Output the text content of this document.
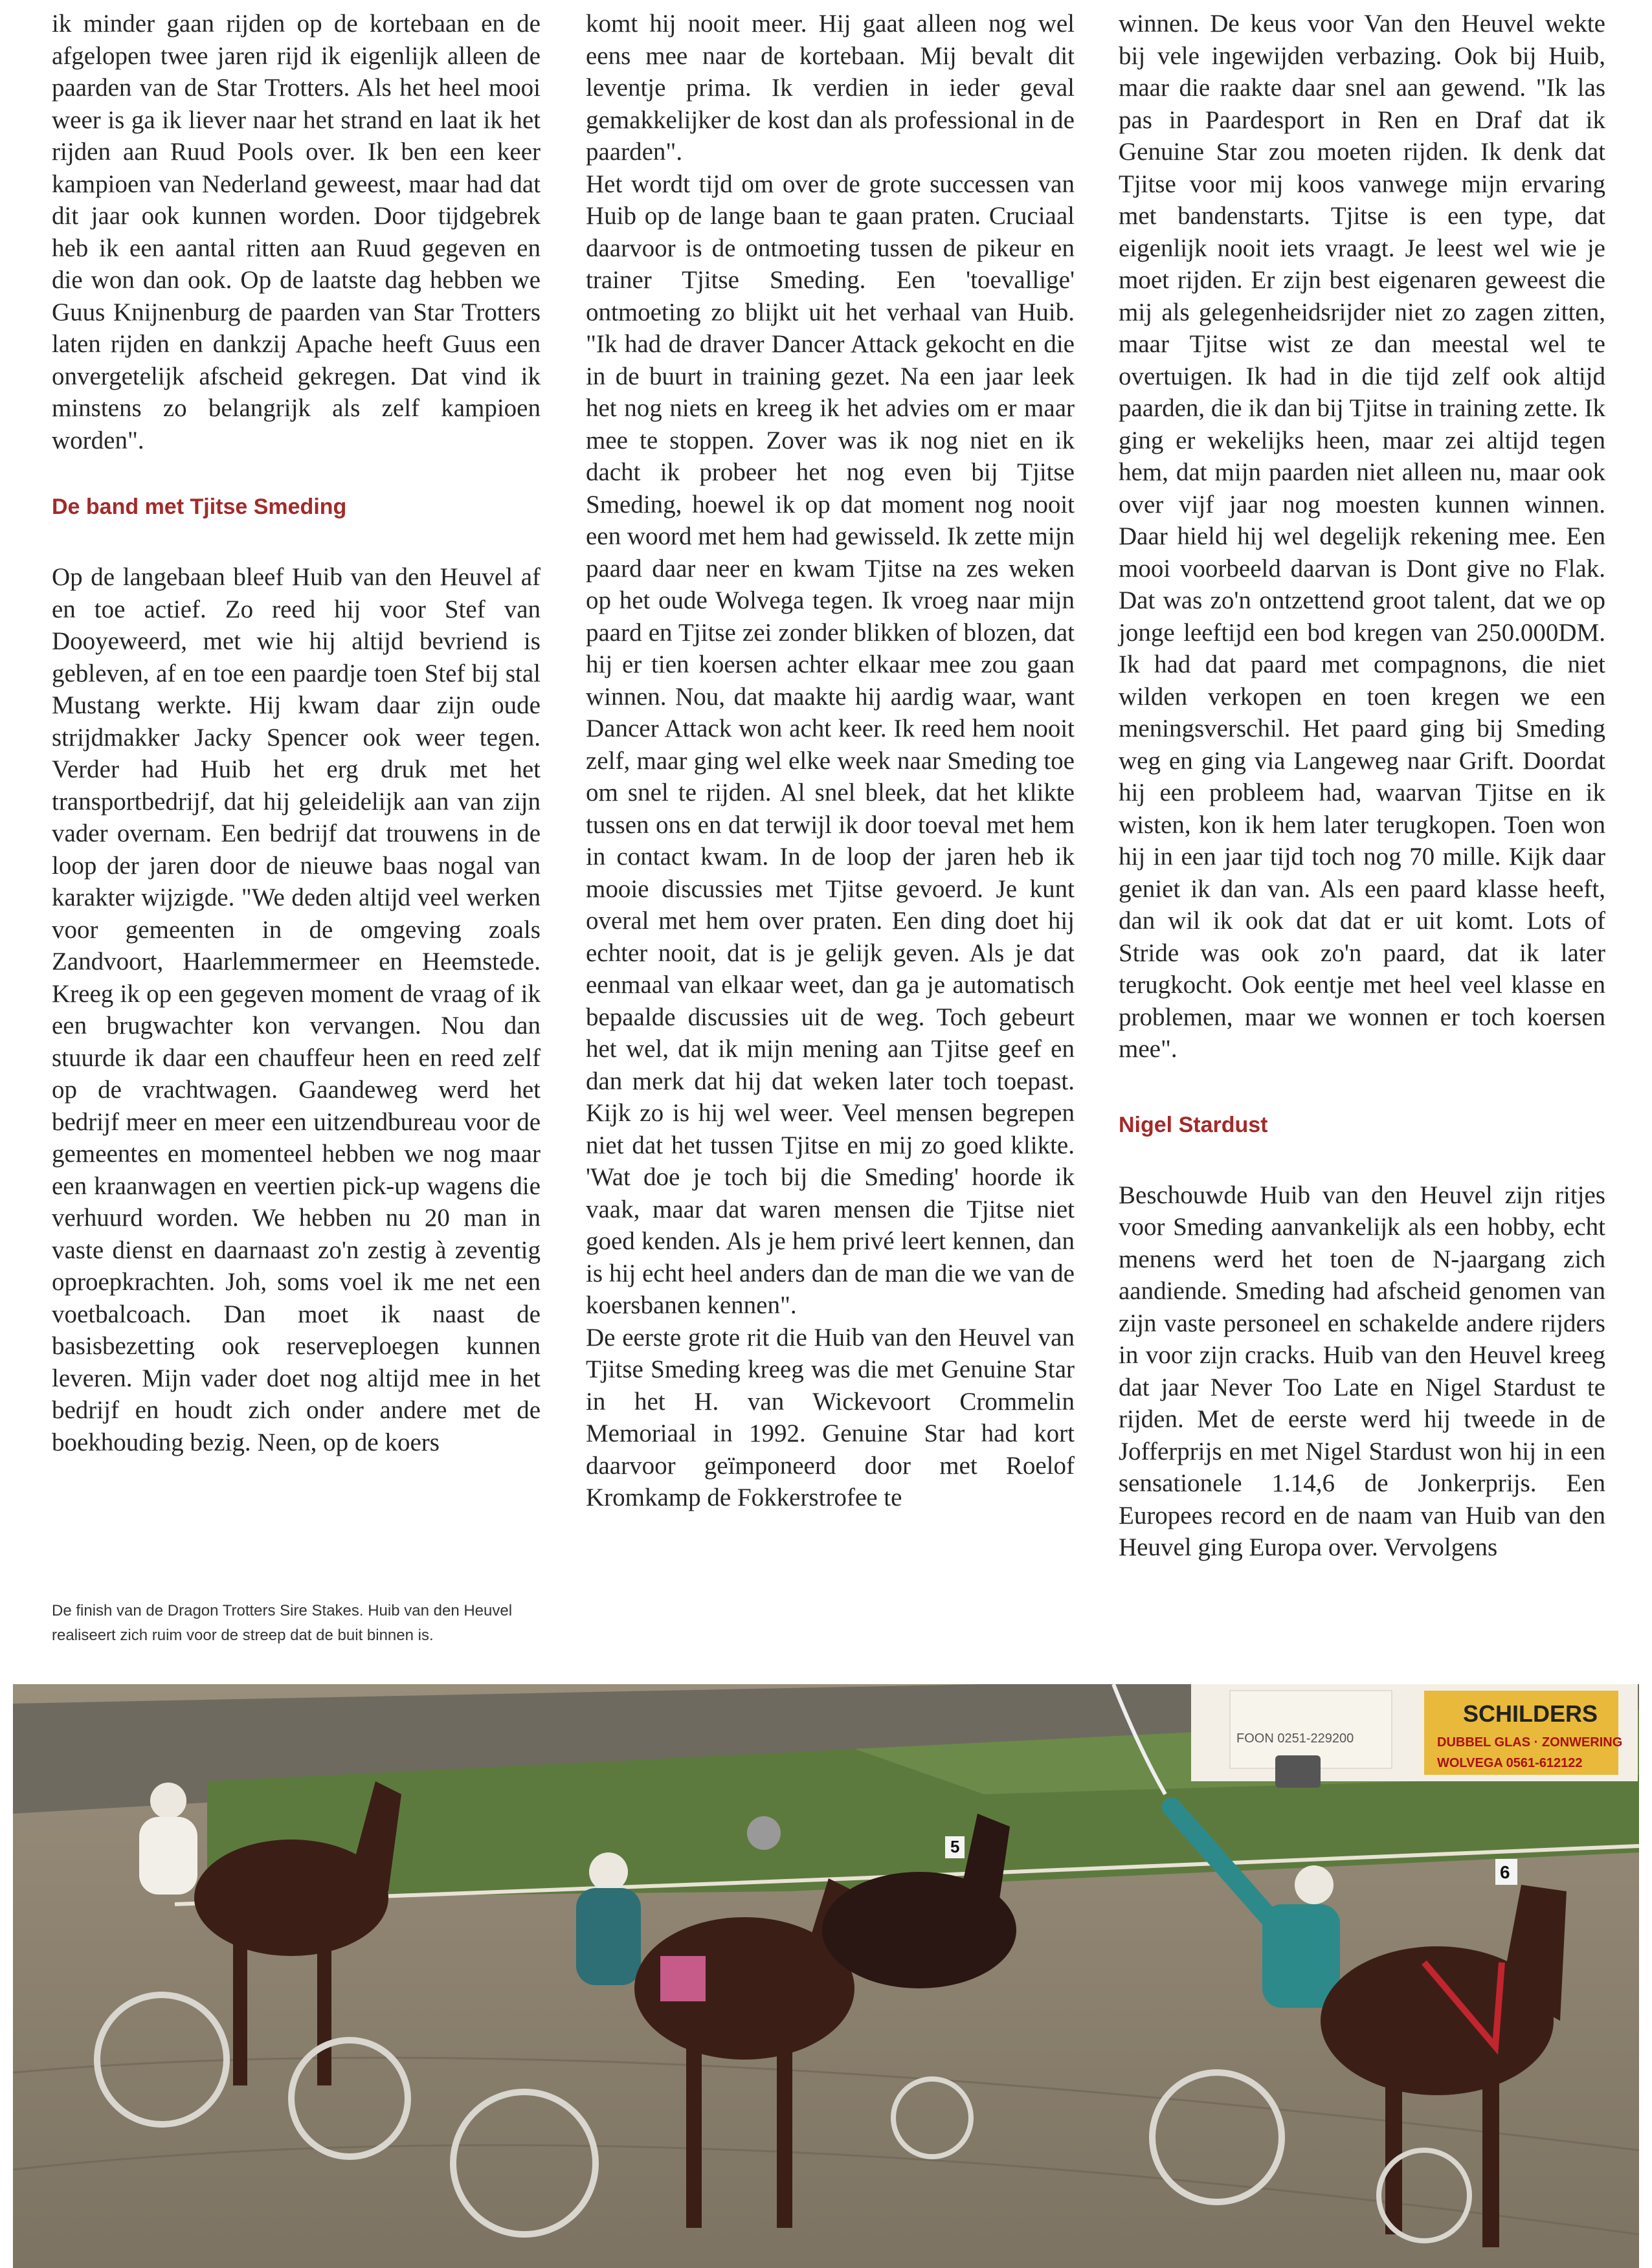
ik minder gaan rijden op de kortebaan en de afgelopen twee jaren rijd ik eigenlijk alleen de paarden van de Star Trotters. Als het heel mooi weer is ga ik liever naar het strand en laat ik het rijden aan Ruud Pools over. Ik ben een keer kampioen van Nederland geweest, maar had dat dit jaar ook kunnen worden. Door tijdgebrek heb ik een aantal ritten aan Ruud gegeven en die won dan ook. Op de laatste dag hebben we Guus Knijnenburg de paarden van Star Trotters laten rijden en dankzij Apache heeft Guus een onvergetelijk afscheid gekregen. Dat vind ik minstens zo belangrijk als zelf kampioen worden".

De band met Tjitse Smeding

Op de langebaan bleef Huib van den Heuvel af en toe actief. Zo reed hij voor Stef van Dooyeweerd, met wie hij altijd bevriend is gebleven, af en toe een paardje toen Stef bij stal Mustang werkte. Hij kwam daar zijn oude strijdmakker Jacky Spencer ook weer tegen. Verder had Huib het erg druk met het transportbedrijf, dat hij geleidelijk aan van zijn vader overnam. Een bedrijf dat trouwens in de loop der jaren door de nieuwe baas nogal van karakter wijzigde. "We deden altijd veel werken voor gemeenten in de omgeving zoals Zandvoort, Haarlemmermeer en Heemstede. Kreeg ik op een gegeven moment de vraag of ik een brugwachter kon vervangen. Nou dan stuurde ik daar een chauffeur heen en reed zelf op de vrachtwagen. Gaandeweg werd het bedrijf meer en meer een uitzendbureau voor de gemeentes en momenteel hebben we nog maar een kraanwagen en veertien pick-up wagens die verhuurd worden. We hebben nu 20 man in vaste dienst en daarnaast zo'n zestig à zeventig oproepkrachten. Joh, soms voel ik me net een voetbalcoach. Dan moet ik naast de basisbezetting ook reserveploegen kunnen leveren. Mijn vader doet nog altijd mee in het bedrijf en houdt zich onder andere met de boekhouding bezig. Neen, op de koers

komt hij nooit meer. Hij gaat alleen nog wel eens mee naar de kortebaan. Mij bevalt dit leventje prima. Ik verdien in ieder geval gemakkelijker de kost dan als professional in de paarden".

Het wordt tijd om over de grote successen van Huib op de lange baan te gaan praten. Cruciaal daarvoor is de ontmoeting tussen de pikeur en trainer Tjitse Smeding. Een 'toevallige' ontmoeting zo blijkt uit het verhaal van Huib. "Ik had de draver Dancer Attack gekocht en die in de buurt in training gezet. Na een jaar leek het nog niets en kreeg ik het advies om er maar mee te stoppen. Zover was ik nog niet en ik dacht ik probeer het nog even bij Tjitse Smeding, hoewel ik op dat moment nog nooit een woord met hem had gewisseld. Ik zette mijn paard daar neer en kwam Tjitse na zes weken op het oude Wolvega tegen. Ik vroeg naar mijn paard en Tjitse zei zonder blikken of blozen, dat hij er tien koersen achter elkaar mee zou gaan winnen. Nou, dat maakte hij aardig waar, want Dancer Attack won acht keer. Ik reed hem nooit zelf, maar ging wel elke week naar Smeding toe om snel te rijden. Al snel bleek, dat het klikte tussen ons en dat terwijl ik door toeval met hem in contact kwam. In de loop der jaren heb ik mooie discussies met Tjitse gevoerd. Je kunt overal met hem over praten. Een ding doet hij echter nooit, dat is je gelijk geven. Als je dat eenmaal van elkaar weet, dan ga je automatisch bepaalde discussies uit de weg. Toch gebeurt het wel, dat ik mijn mening aan Tjitse geef en dan merk dat hij dat weken later toch toepast. Kijk zo is hij wel weer. Veel mensen begrepen niet dat het tussen Tjitse en mij zo goed klikte. 'Wat doe je toch bij die Smeding' hoorde ik vaak, maar dat waren mensen die Tjitse niet goed kenden. Als je hem privé leert kennen, dan is hij echt heel anders dan de man die we van de koersbanen kennen".

De eerste grote rit die Huib van den Heuvel van Tjitse Smeding kreeg was die met Genuine Star in het H. van Wickevoort Crommelin Memoriaal in 1992. Genuine Star had kort daarvoor geïmponeerd door met Roelof Kromkamp de Fokkerstrofee te

winnen. De keus voor Van den Heuvel wekte bij vele ingewijden verbazing. Ook bij Huib, maar die raakte daar snel aan gewend. "Ik las pas in Paardesport in Ren en Draf dat ik Genuine Star zou moeten rijden. Ik denk dat Tjitse voor mij koos vanwege mijn ervaring met bandenstarts. Tjitse is een type, dat eigenlijk nooit iets vraagt. Je leest wel wie je moet rijden. Er zijn best eigenaren geweest die mij als gelegenheidsrijder niet zo zagen zitten, maar Tjitse wist ze dan meestal wel te overtuigen. Ik had in die tijd zelf ook altijd paarden, die ik dan bij Tjitse in training zette. Ik ging er wekelijks heen, maar zei altijd tegen hem, dat mijn paarden niet alleen nu, maar ook over vijf jaar nog moesten kunnen winnen. Daar hield hij wel degelijk rekening mee. Een mooi voorbeeld daarvan is Dont give no Flak. Dat was zo'n ontzettend groot talent, dat we op jonge leeftijd een bod kregen van 250.000DM. Ik had dat paard met compagnons, die niet wilden verkopen en toen kregen we een meningsverschil. Het paard ging bij Smeding weg en ging via Langeweg naar Grift. Doordat hij een probleem had, waarvan Tjitse en ik wisten, kon ik hem later terugkopen. Toen won hij in een jaar tijd toch nog 70 mille. Kijk daar geniet ik dan van. Als een paard klasse heeft, dan wil ik ook dat dat er uit komt. Lots of Stride was ook zo'n paard, dat ik later terugkocht. Ook eentje met heel veel klasse en problemen, maar we wonnen er toch koersen mee".

Nigel Stardust

Beschouwde Huib van den Heuvel zijn ritjes voor Smeding aanvankelijk als een hobby, echt menens werd het toen de N-jaargang zich aandiende. Smeding had afscheid genomen van zijn vaste personeel en schakelde andere rijders in voor zijn cracks. Huib van den Heuvel kreeg dat jaar Never Too Late en Nigel Stardust te rijden. Met de eerste werd hij tweede in de Jofferprijs en met Nigel Stardust won hij in een sensationele 1.14,6 de Jonkerprijs. Een Europees record en de naam van Huib van den Heuvel ging Europa over. Vervolgens

De finish van de Dragon Trotters Sire Stakes. Huib van den Heuvel realiseert zich ruim voor de streep dat de buit binnen is.

FOON 0251-229200
SCHILDERS
DUBBEL GLAS · ZONWERING
WOLVEGA 0561-612122
5
6
